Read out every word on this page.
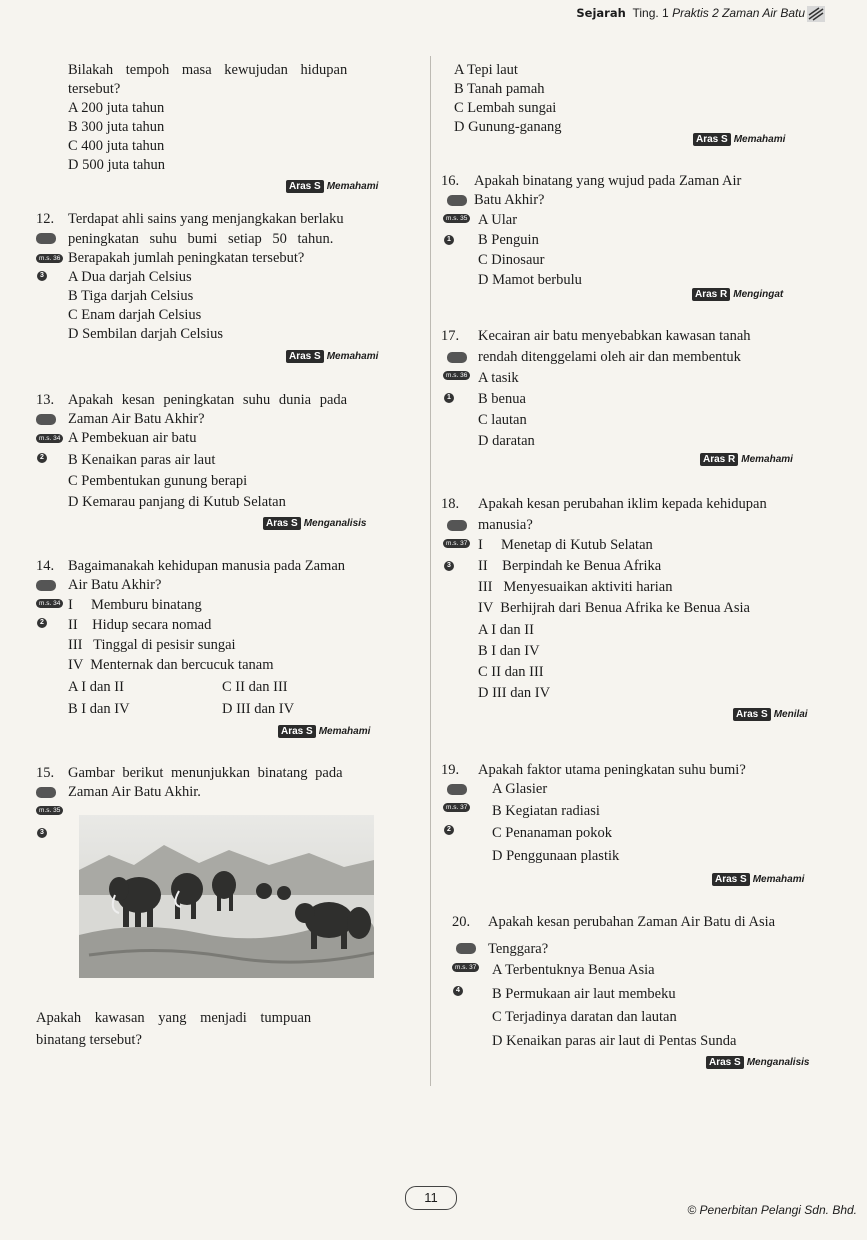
Sejarah Ting. 1 Praktis 2 Zaman Air Batu
Bilakah tempoh masa kewujudan hidupan
tersebut?
A 200 juta tahun
B 300 juta tahun
C 400 juta tahun
D 500 juta tahun
Aras S Memahami
12. Terdapat ahli sains yang menjangkakan berlaku
peningkatan suhu bumi setiap 50 tahun.
m.s. 36 Berapakah jumlah peningkatan tersebut?
3 A Dua darjah Celsius
B Tiga darjah Celsius
C Enam darjah Celsius
D Sembilan darjah Celsius
Aras S Memahami
13. Apakah kesan peningkatan suhu dunia pada
Zaman Air Batu Akhir?
m.s. 34
2
A Pembekuan air batu
B Kenaikan paras air laut
C Pembentukan gunung berapi
D Kemarau panjang di Kutub Selatan
Aras S Menganalisis
14. Bagaimanakah kehidupan manusia pada Zaman
Air Batu Akhir?
m.s. 34
2
I     Memburu binatang
II    Hidup secara nomad
III   Tinggal di pesisir sungai
IV  Menternak dan bercucuk tanam
A I dan II	C II dan III
B I dan IV	D III dan IV
Aras S Memahami
15. Gambar berikut menunjukkan binatang pada
Zaman Air Batu Akhir.
m.s. 35
3
Apakah kawasan yang menjadi tumpuan
binatang tersebut?
A Tepi laut
B Tanah pamah
C Lembah sungai
D Gunung-ganang
Aras S Memahami
16. Apakah binatang yang wujud pada Zaman Air
Batu Akhir?
m.s. 35
1
A Ular
B Penguin
C Dinosaur
D Mamot berbulu
Aras R Mengingat
17. Kecairan air batu menyebabkan kawasan tanah
rendah ditenggelami oleh air dan membentuk
m.s. 36
1
A tasik
B benua
C lautan
D daratan
Aras R Memahami
18. Apakah kesan perubahan iklim kepada kehidupan
manusia?
m.s. 37
3
I     Menetap di Kutub Selatan
II    Berpindah ke Benua Afrika
III   Menyesuaikan aktiviti harian
IV  Berhijrah dari Benua Afrika ke Benua Asia
A I dan II
B I dan IV
C II dan III
D III dan IV
Aras S Menilai
19. Apakah faktor utama peningkatan suhu bumi?
m.s. 37
2
A Glasier
B Kegiatan radiasi
C Penanaman pokok
D Penggunaan plastik
Aras S Memahami
20. Apakah kesan perubahan Zaman Air Batu di Asia
Tenggara?
m.s. 37
4
A Terbentuknya Benua Asia
B Permukaan air laut membeku
C Terjadinya daratan dan lautan
D Kenaikan paras air laut di Pentas Sunda
Aras S Menganalisis
11
© Penerbitan Pelangi Sdn. Bhd.
